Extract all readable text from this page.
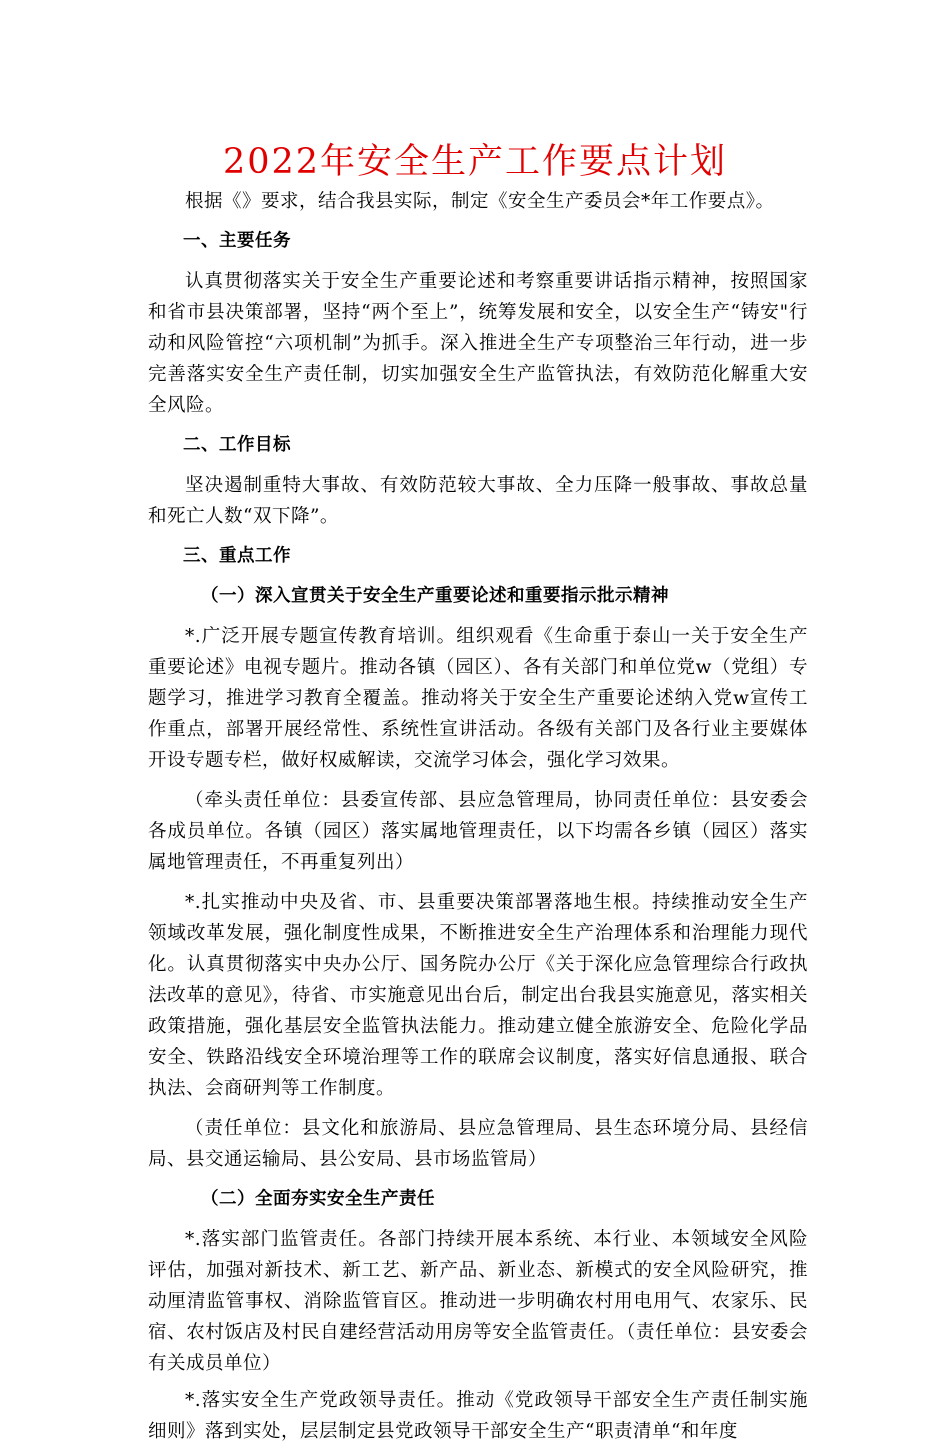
2022年安全生产工作要点计划

根据《》要求，结合我县实际，制定《安全生产委员会*年工作要点》。

一、主要任务

认真贯彻落实关于安全生产重要论述和考察重要讲话指示精神，按照国家和省市县决策部署，坚持“两个至上”，统筹发展和安全，以安全生产“铸安"行动和风险管控“六项机制”为抓手。深入推进全生产专项整治三年行动，进一步完善落实安全生产责任制，切实加强安全生产监管执法，有效防范化解重大安全风险。

二、工作目标

坚决遏制重特大事故、有效防范较大事故、全力压降一般事故、事故总量和死亡人数“双下降”。

三、重点工作

（一）深入宣贯关于安全生产重要论述和重要指示批示精神

*.广泛开展专题宣传教育培训。组织观看《生命重于泰山一关于安全生产重要论述》电视专题片。推动各镇（园区）、各有关部门和单位党w（党组）专题学习，推进学习教育全覆盖。推动将关于安全生产重要论述纳入党w宣传工作重点，部署开展经常性、系统性宣讲活动。各级有关部门及各行业主要媒体开设专题专栏，做好权威解读，交流学习体会，强化学习效果。

（牵头责任单位：县委宣传部、县应急管理局，协同责任单位：县安委会各成员单位。各镇（园区）落实属地管理责任，以下均需各乡镇（园区）落实属地管理责任，不再重复列出）

*.扎实推动中央及省、市、县重要决策部署落地生根。持续推动安全生产领域改革发展，强化制度性成果，不断推进安全生产治理体系和治理能力现代化。认真贯彻落实中央办公厅、国务院办公厅《关于深化应急管理综合行政执法改革的意见》，待省、市实施意见出台后，制定出台我县实施意见，落实相关政策措施，强化基层安全监管执法能力。推动建立健全旅游安全、危险化学品安全、铁路沿线安全环境治理等工作的联席会议制度，落实好信息通报、联合执法、会商研判等工作制度。

（责任单位：县文化和旅游局、县应急管理局、县生态环境分局、县经信局、县交通运输局、县公安局、县市场监管局）

（二）全面夯实安全生产责任

*.落实部门监管责任。各部门持续开展本系统、本行业、本领域安全风险评估，加强对新技术、新工艺、新产品、新业态、新模式的安全风险研究，推动厘清监管事权、消除监管盲区。推动进一步明确农村用电用气、农家乐、民宿、农村饭店及村民自建经营活动用房等安全监管责任。（责任单位：县安委会有关成员单位）

*.落实安全生产党政领导责任。推动《党政领导干部安全生产责任制实施细则》落到实处，层层制定县党政领导干部安全生产“职责清单“和年度
